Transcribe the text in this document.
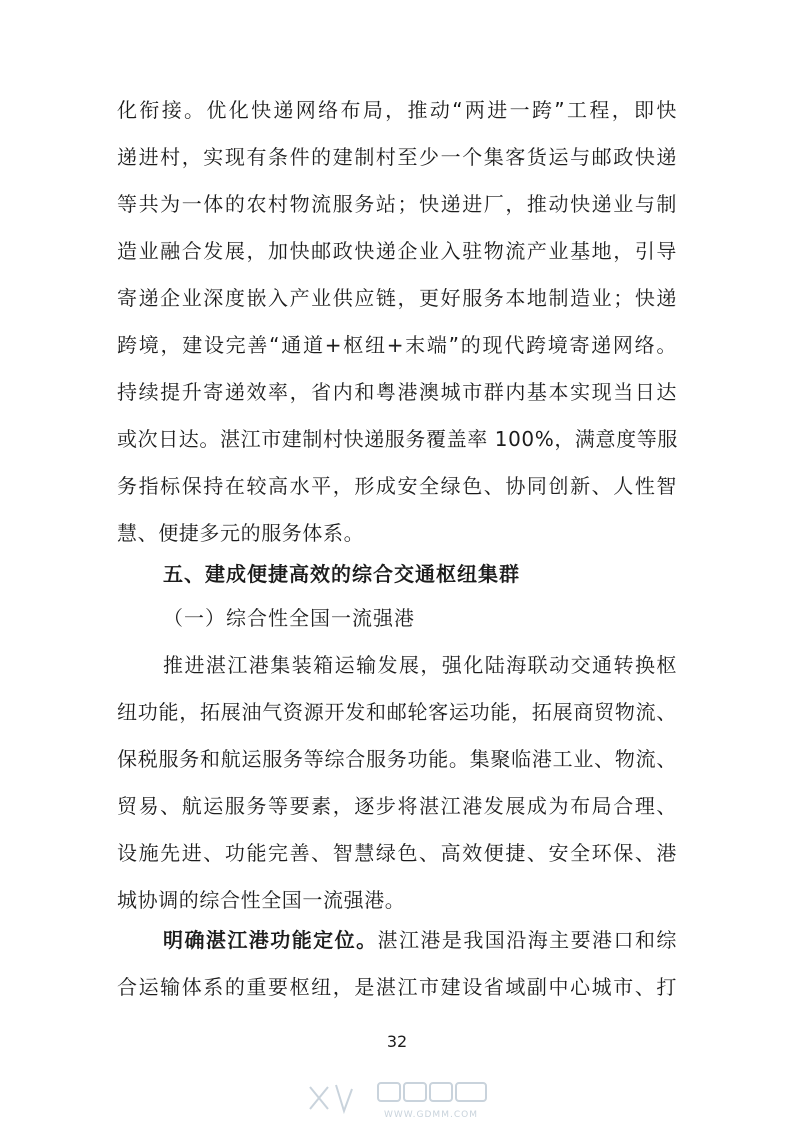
化衔接。优化快递网络布局，推动“两进一跨”工程，即快
递进村，实现有条件的建制村至少一个集客货运与邮政快递
等共为一体的农村物流服务站；快递进厂，推动快递业与制
造业融合发展，加快邮政快递企业入驻物流产业基地，引导
寄递企业深度嵌入产业供应链，更好服务本地制造业；快递
跨境，建设完善“通道+枢纽+末端”的现代跨境寄递网络。
持续提升寄递效率，省内和粤港澳城市群内基本实现当日达
或次日达。湛江市建制村快递服务覆盖率 100%，满意度等服
务指标保持在较高水平，形成安全绿色、协同创新、人性智
慧、便捷多元的服务体系。
五、建成便捷高效的综合交通枢纽集群
（一）综合性全国一流强港
推进湛江港集装箱运输发展，强化陆海联动交通转换枢
纽功能，拓展油气资源开发和邮轮客运功能，拓展商贸物流、
保税服务和航运服务等综合服务功能。集聚临港工业、物流、
贸易、航运服务等要素，逐步将湛江港发展成为布局合理、
设施先进、功能完善、智慧绿色、高效便捷、安全环保、港
城协调的综合性全国一流强港。
明确湛江港功能定位。湛江港是我国沿海主要港口和综
合运输体系的重要枢纽，是湛江市建设省域副中心城市、打
32
WWW.GDMM.COM
